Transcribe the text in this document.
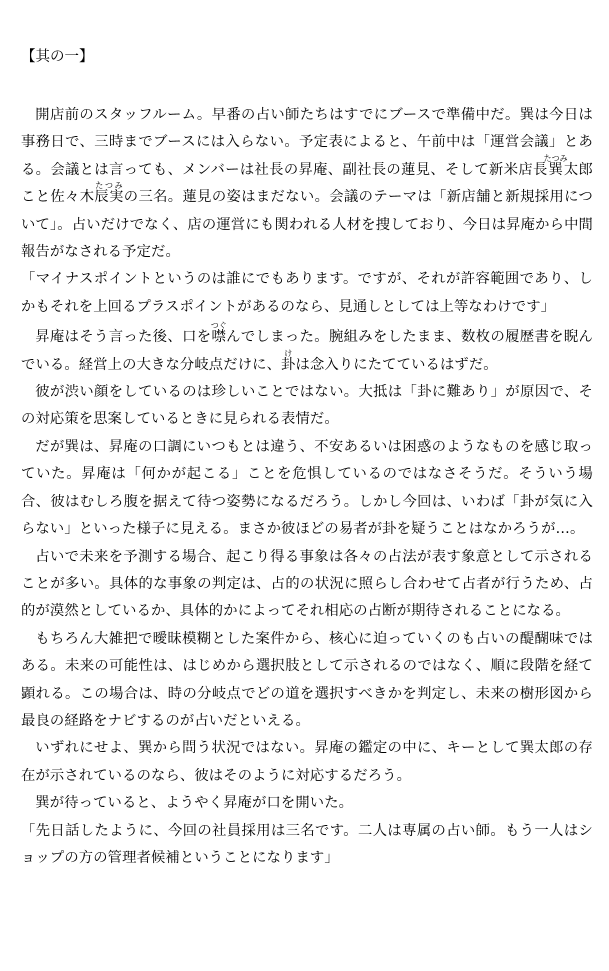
【其の一】

開店前のスタッフルーム。早番の占い師たちはすでにブースで準備中だ。巽は今日は事務日で、三時までブースには入らない。予定表によると、午前中は「運営会議」とある。会議とは言っても、メンバーは社長の昇庵、副社長の蓮見、そして新米店長巽たつみ太郎こと佐々木辰実たつみの三名。蓮見の姿はまだない。会議のテーマは「新店舗と新規採用について」。占いだけでなく、店の運営にも関われる人材を捜しており、今日は昇庵から中間報告がなされる予定だ。

「マイナスポイントというのは誰にでもあります。ですが、それが許容範囲であり、しかもそれを上回るプラスポイントがあるのなら、見通しとしては上等なわけです」

昇庵はそう言った後、口を噤つぐんでしまった。腕組みをしたまま、数枚の履歴書を睨んでいる。経営上の大きな分岐点だけに、卦けは念入りにたてているはずだ。

彼が渋い顔をしているのは珍しいことではない。大抵は「卦に難あり」が原因で、その対応策を思案しているときに見られる表情だ。

だが巽は、昇庵の口調にいつもとは違う、不安あるいは困惑のようなものを感じ取っていた。昇庵は「何かが起こる」ことを危惧しているのではなさそうだ。そういう場合、彼はむしろ腹を据えて待つ姿勢になるだろう。しかし今回は、いわば「卦が気に入らない」といった様子に見える。まさか彼ほどの易者が卦を疑うことはなかろうが…。

占いで未来を予測する場合、起こり得る事象は各々の占法が表す象意として示されることが多い。具体的な事象の判定は、占的の状況に照らし合わせて占者が行うため、占的が漠然としているか、具体的かによってそれ相応の占断が期待されることになる。

もちろん大雑把で曖昧模糊とした案件から、核心に迫っていくのも占いの醍醐味ではある。未来の可能性は、はじめから選択肢として示されるのではなく、順に段階を経て顕れる。この場合は、時の分岐点でどの道を選択すべきかを判定し、未来の樹形図から最良の経路をナビするのが占いだといえる。

いずれにせよ、巽から問う状況ではない。昇庵の鑑定の中に、キーとして巽太郎の存在が示されているのなら、彼はそのように対応するだろう。

巽が待っていると、ようやく昇庵が口を開いた。

「先日話したように、今回の社員採用は三名です。二人は専属の占い師。もう一人はショップの方の管理者候補ということになります」
